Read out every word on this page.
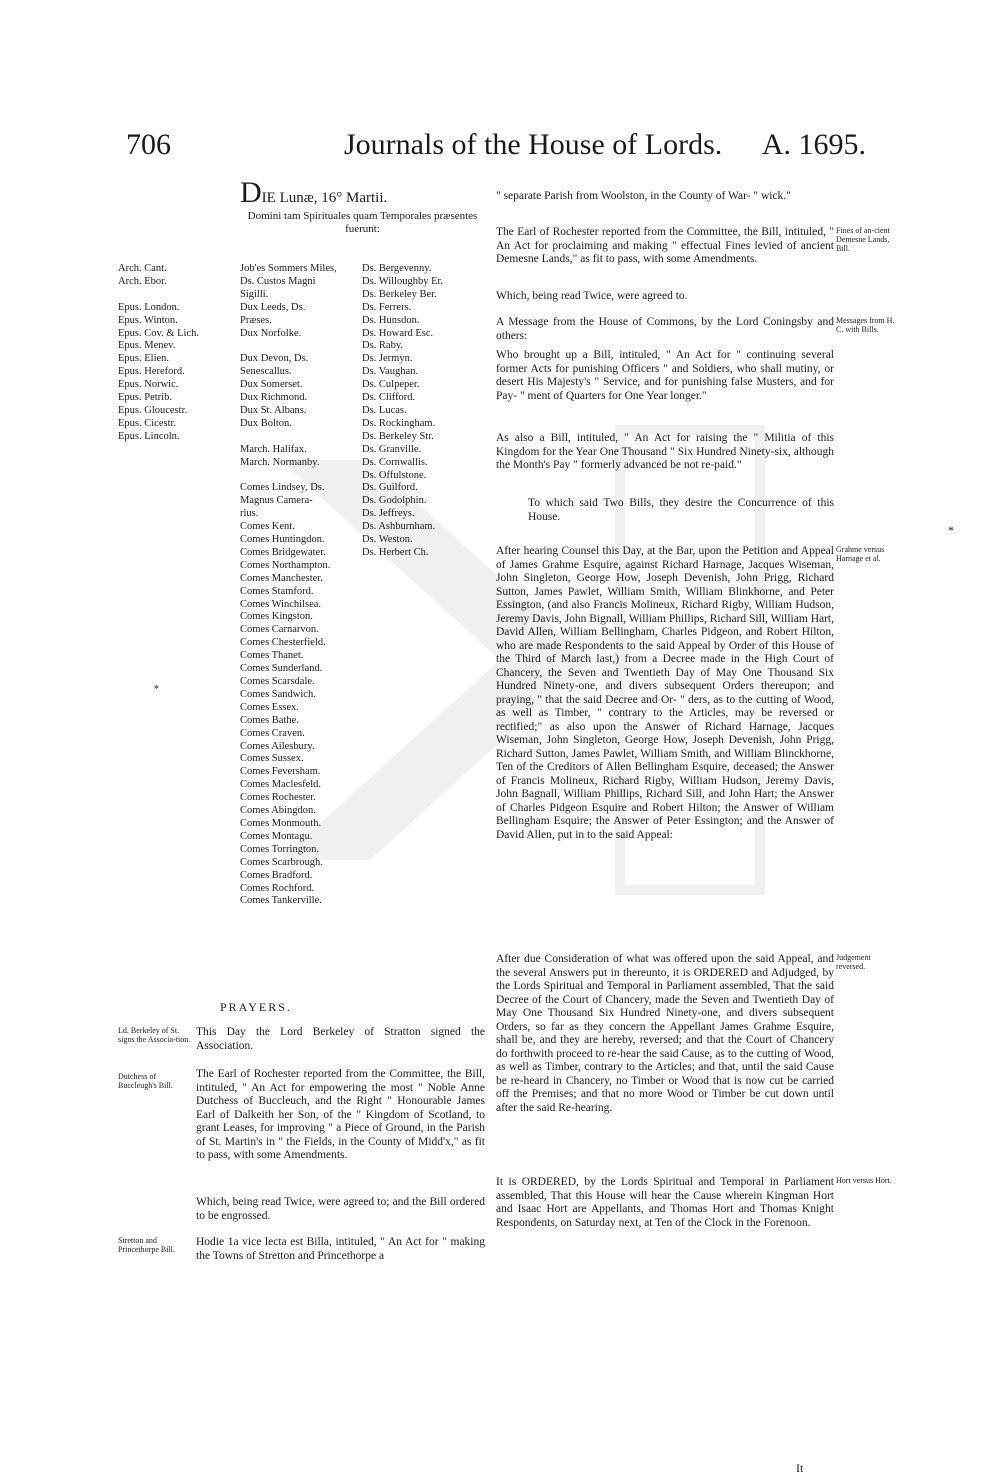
706	Journals of the House of Lords. A. 1695.
DIE Lunæ, 16° Martii.
Domini tam Spirituales quam Temporales præsentes fuerunt:
Arch. Cant.
Arch. Ebor.

Epus. London.
Epus. Winton.
Epus. Cov. & Lich.
Epus. Menev.
Epus. Elien.
Epus. Hereford.
Epus. Norwic.
Epus. Petrib.
Epus. Gloucestr.
Epus. Cicestr.
Epus. Lincoln.
Job'es Sommers Miles,
Ds. Custos Magni
Sigilli.
Dux Leeds, Ds.
Præses.
Dux Norfolke.

Dux Devon, Ds.
Senescallus.
Dux Somerset.
Dux Richmond.
Dux St. Albans.
Dux Bolton.

March. Halifax.
March. Normanby.

Comes Lindsey, Ds.
Magnus Camera-
rius.
Comes Kent.
Comes Huntingdon.
Comes Bridgewater.
Comes Northampton.
Comes Manchester.
Comes Stamford.
Comes Winchilsea.
Comes Kingston.
Comes Carnarvon.
Comes Chesterfield.
Comes Thanet.
Comes Sunderland.
Comes Scarsdale.
Comes Sandwich.
Comes Essex.
Comes Bathe.
Comes Craven.
Comes Ailesbury.
Comes Sussex.
Comes Feversham.
Comes Maclesfeld.
Comes Rochester.
Comes Abingdon.
Comes Monmouth.
Comes Montagu.
Comes Torrington.
Comes Scarbrough.
Comes Bradford.
Comes Rochford.
Comes Tankerville.
Ds. Bergevenny.
Ds. Willoughby Er.
Ds. Berkeley Ber.
Ds. Ferrers.
Ds. Hunsdon.
Ds. Howard Esc.
Ds. Raby.
Ds. Jermyn.
Ds. Vaughan.
Ds. Culpeper.
Ds. Clifford.
Ds. Lucas.
Ds. Rockingham.
Ds. Berkeley Str.
Ds. Granville.
Ds. Cornwallis.
Ds. Offulstone.
Ds. Guilford.
Ds. Godolphin.
Ds. Jeffreys.
Ds. Ashburnham.
Ds. Weston.
Ds. Herbert Ch.
PRAYERS.
Ld. Berkeley of St. signs the Associa-tion.
This Day the Lord Berkeley of Stratton signed the Association.
Dutchess of Buccleugh's Bill.
The Earl of Rochester reported from the Committee, the Bill, intituled, " An Act for empowering the most " Noble Anne Dutchess of Buccleuch, and the Right " Honourable James Earl of Dalkeith her Son, of the " Kingdom of Scotland, to grant Leases, for improving " a Piece of Ground, in the Parish of St. Martin's in " the Fields, in the County of Midd'x," as fit to pass, with some Amendments.
Which, being read Twice, were agreed to; and the Bill ordered to be engrossed.
Stretton and Princethorpe Bill.
Hodie 1a vice lecta est Billa, intituled, " An Act for " making the Towns of Stretton and Princethorpe a
" separate Parish from Woolston, in the County of War- " wick."
Fines of an-cient Demesne Lands, Bill.
The Earl of Rochester reported from the Committee, the Bill, intituled, " An Act for proclaiming and making " effectual Fines levied of ancient Demesne Lands," as fit to pass, with some Amendments.
Which, being read Twice, were agreed to.
Messages from H. C. with Bills.
A Message from the House of Commons, by the Lord Coningsby and others:
Who brought up a Bill, intituled, " An Act for " continuing several former Acts for punishing Officers " and Soldiers, who shall mutiny, or desert His Majesty's " Service, and for punishing false Musters, and for Pay- " ment of Quarters for One Year longer."
As also a Bill, intituled, " An Act for raising the " Militia of this Kingdom for the Year One Thousand " Six Hundred Ninety-six, although the Month's Pay " formerly advanced be not re-paid."
To which said Two Bills, they desire the Concurrence of this House.
Grahme versus Harnage et al.
After hearing Counsel this Day, at the Bar, upon the Petition and Appeal of James Grahme Esquire, against Richard Harnage, Jacques Wiseman, John Singleton, George How, Joseph Devenish, John Prigg, Richard Sutton, James Pawlet, William Smith, William Blinkhorne, and Peter Essington, (and also Francis Molineux, Richard Rigby, William Hudson, Jeremy Davis, John Bignall, William Phillips, Richard Sill, William Hart, David Allen, William Bellingham, Charles Pidgeon, and Robert Hilton, who are made Respondents to the said Appeal by Order of this House of the Third of March last,) from a Decree made in the High Court of Chancery, the Seven and Twentieth Day of May One Thousand Six Hundred Ninety-one, and divers subsequent Orders thereupon; and praying, " that the said Decree and Or- " ders, as to the cutting of Wood, as well as Timber, " contrary to the Articles, may be reversed or rectified;" as also upon the Answer of Richard Harnage, Jacques Wiseman, John Singleton, George How, Joseph Devenish, John Prigg, Richard Sutton, James Pawlet, William Smith, and William Blinckhorne, Ten of the Creditors of Allen Bellingham Esquire, deceased; the Answer of Francis Molineux, Richard Rigby, William Hudson, Jeremy Davis, John Bagnall, William Phillips, Richard Sill, and John Hart; the Answer of Charles Pidgeon Esquire and Robert Hilton; the Answer of William Bellingham Esquire; the Answer of Peter Essington; and the Answer of David Allen, put in to the said Appeal:
Judgement reversed.
After due Consideration of what was offered upon the said Appeal, and the several Answers put in thereunto, it is ORDERED and Adjudged, by the Lords Spiritual and Temporal in Parliament assembled, That the said Decree of the Court of Chancery, made the Seven and Twentieth Day of May One Thousand Six Hundred Ninety-one, and divers subsequent Orders, so far as they concern the Appellant James Grahme Esquire, shall be, and they are hereby, reversed; and that the Court of Chancery do forthwith proceed to re-hear the said Cause, as to the cutting of Wood, as well as Timber, contrary to the Articles; and that, until the said Cause be re-heard in Chancery, no Timber or Wood that is now cut be carried off the Premises; and that no more Wood or Timber be cut down until after the said Re-hearing.
Hort versus Hort.
It is ORDERED, by the Lords Spiritual and Temporal in Parliament assembled, That this House will hear the Cause wherein Kingman Hort and Isaac Hort are Appellants, and Thomas Hort and Thomas Knight Respondents, on Saturday next, at Ten of the Clock in the Forenoon.
It
*
*
